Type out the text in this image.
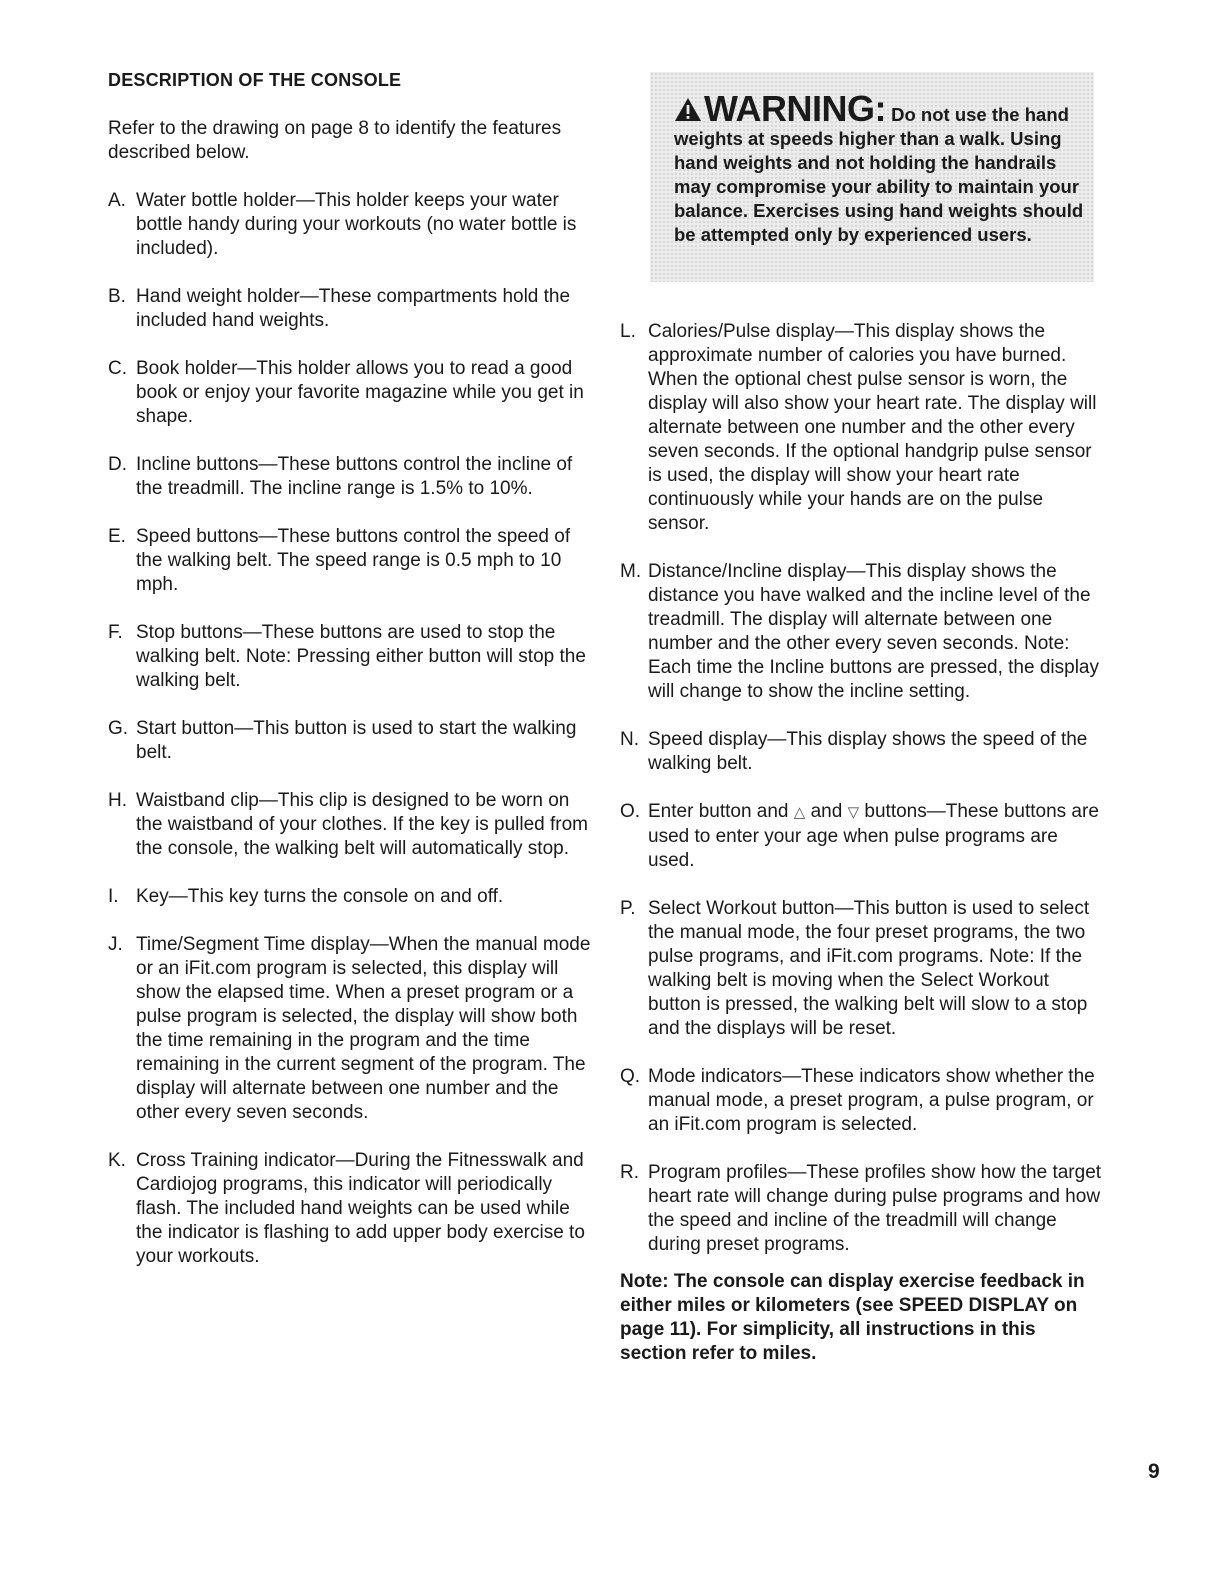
DESCRIPTION OF THE CONSOLE

Refer to the drawing on page 8 to identify the features described below.

A. Water bottle holder—This holder keeps your water bottle handy during your workouts (no water bottle is included).
B. Hand weight holder—These compartments hold the included hand weights.
C. Book holder—This holder allows you to read a good book or enjoy your favorite magazine while you get in shape.
D. Incline buttons—These buttons control the incline of the treadmill. The incline range is 1.5% to 10%.
E. Speed buttons—These buttons control the speed of the walking belt. The speed range is 0.5 mph to 10 mph.
F. Stop buttons—These buttons are used to stop the walking belt. Note: Pressing either button will stop the walking belt.
G. Start button—This button is used to start the walking belt.
H. Waistband clip—This clip is designed to be worn on the waistband of your clothes. If the key is pulled from the console, the walking belt will automatically stop.
I. Key—This key turns the console on and off.
J. Time/Segment Time display—When the manual mode or an iFit.com program is selected, this display will show the elapsed time. When a preset program or a pulse program is selected, the display will show both the time remaining in the program and the time remaining in the current segment of the program. The display will alternate between one number and the other every seven seconds.
K. Cross Training indicator—During the Fitnesswalk and Cardiojog programs, this indicator will periodically flash. The included hand weights can be used while the indicator is flashing to add upper body exercise to your workouts.

WARNING: Do not use the hand weights at speeds higher than a walk. Using hand weights and not holding the handrails may compromise your ability to maintain your balance. Exercises using hand weights should be attempted only by experienced users.

L. Calories/Pulse display—This display shows the approximate number of calories you have burned. When the optional chest pulse sensor is worn, the display will also show your heart rate. The display will alternate between one number and the other every seven seconds. If the optional handgrip pulse sensor is used, the display will show your heart rate continuously while your hands are on the pulse sensor.
M. Distance/Incline display—This display shows the distance you have walked and the incline level of the treadmill. The display will alternate between one number and the other every seven seconds. Note: Each time the Incline buttons are pressed, the display will change to show the incline setting.
N. Speed display—This display shows the speed of the walking belt.
O. Enter button and △ and ▽ buttons—These buttons are used to enter your age when pulse programs are used.
P. Select Workout button—This button is used to select the manual mode, the four preset programs, the two pulse programs, and iFit.com programs. Note: If the walking belt is moving when the Select Workout button is pressed, the walking belt will slow to a stop and the displays will be reset.
Q. Mode indicators—These indicators show whether the manual mode, a preset program, a pulse program, or an iFit.com program is selected.
R. Program profiles—These profiles show how the target heart rate will change during pulse programs and how the speed and incline of the treadmill will change during preset programs.

Note: The console can display exercise feedback in either miles or kilometers (see SPEED DISPLAY on page 11). For simplicity, all instructions in this section refer to miles.

9
